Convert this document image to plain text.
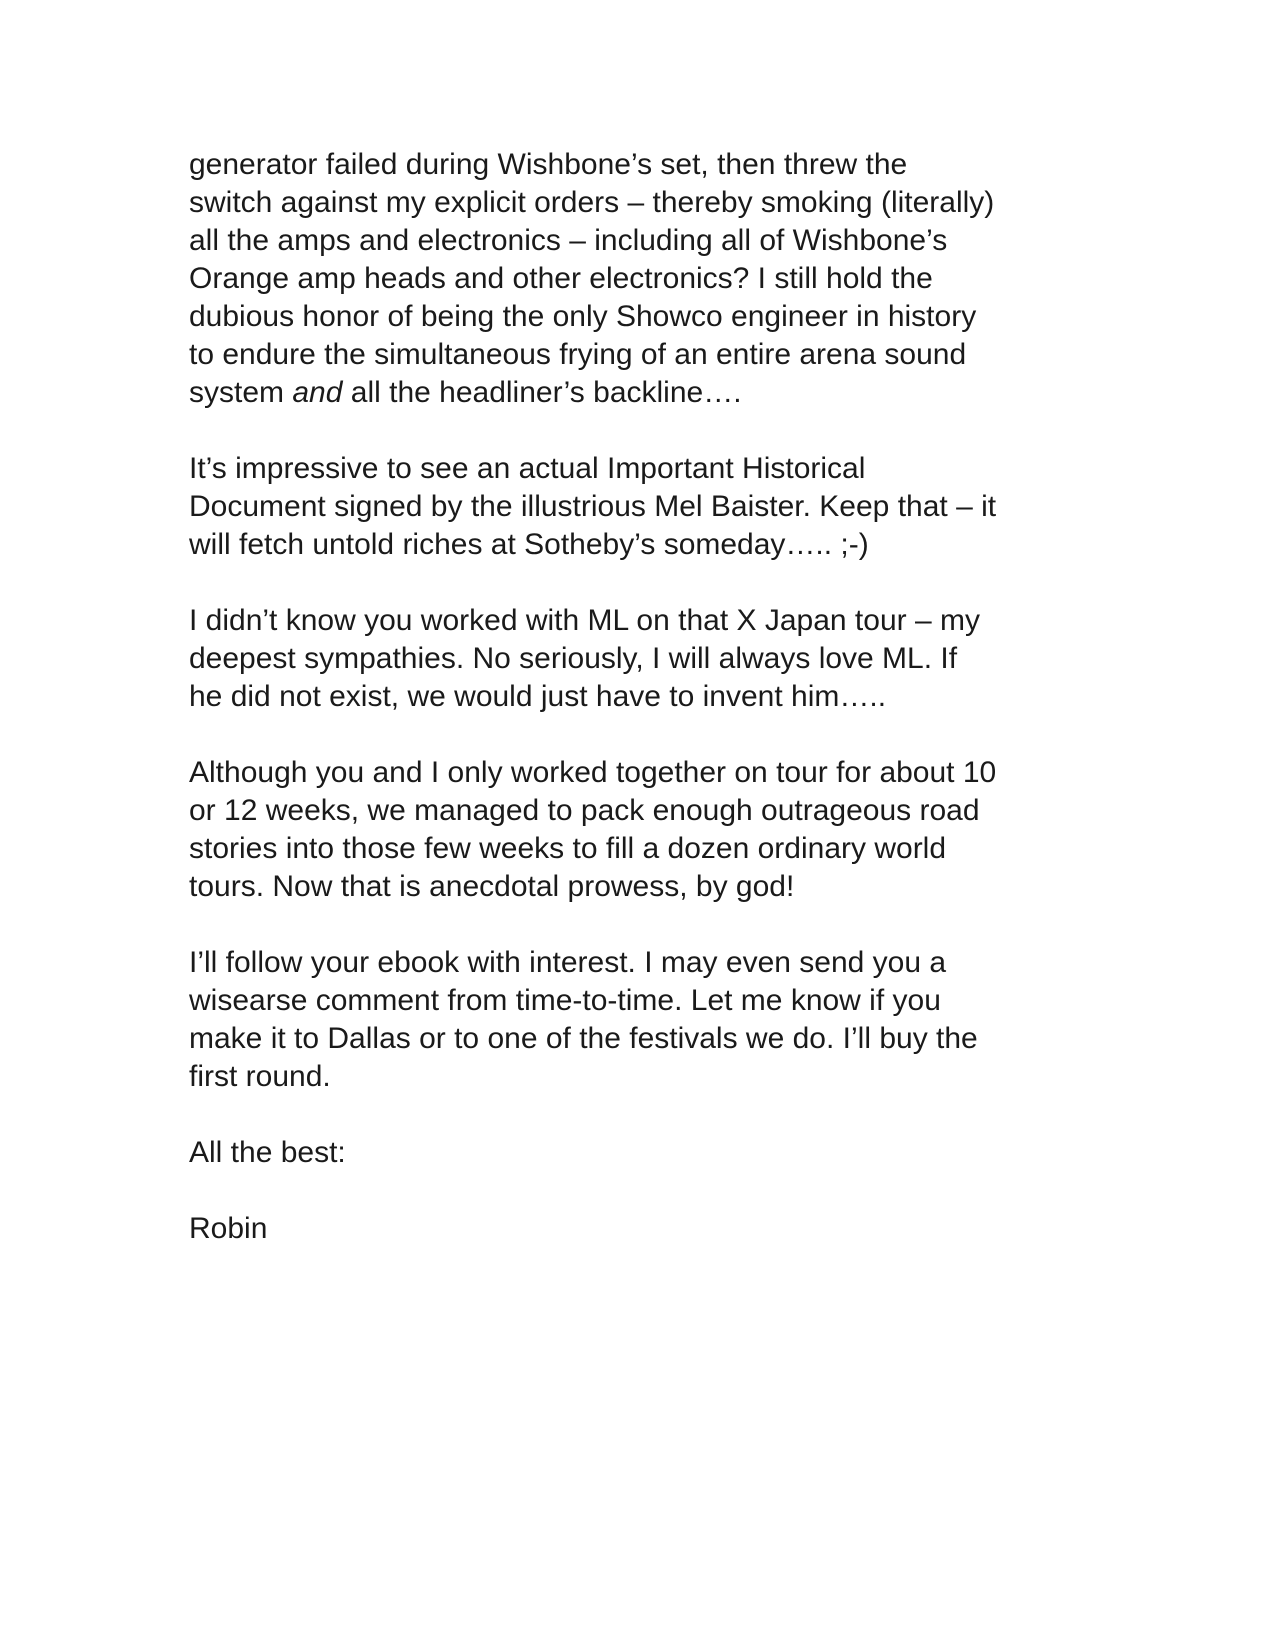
generator failed during Wishbone’s set, then threw the
switch against my explicit orders – thereby smoking (literally)
all the amps and electronics – including all of Wishbone’s
Orange amp heads and other electronics? I still hold the
dubious honor of being the only Showco engineer in history
to endure the simultaneous frying of an entire arena sound
system and all the headliner’s backline….
It’s impressive to see an actual Important Historical
Document signed by the illustrious Mel Baister. Keep that – it
will fetch untold riches at Sotheby’s someday….. ;-)
I didn’t know you worked with ML on that X Japan tour – my
deepest sympathies. No seriously, I will always love ML. If
he did not exist, we would just have to invent him…..
Although you and I only worked together on tour for about 10
or 12 weeks, we managed to pack enough outrageous road
stories into those few weeks to fill a dozen ordinary world
tours. Now that is anecdotal prowess, by god!
I’ll follow your ebook with interest. I may even send you a
wisearse comment from time-to-time. Let me know if you
make it to Dallas or to one of the festivals we do. I’ll buy the
first round.
All the best:
Robin
